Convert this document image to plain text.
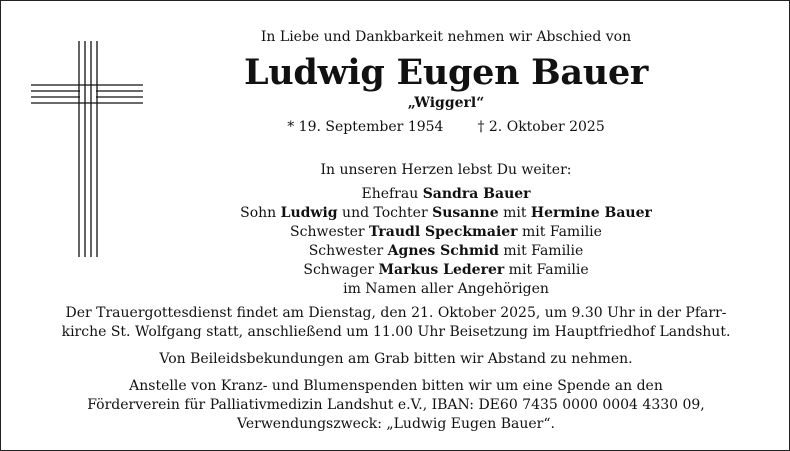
In Liebe und Dankbarkeit nehmen wir Abschied von
Ludwig Eugen Bauer
„Wiggerl“
* 19. September 1954 † 2. Oktober 2025
In unseren Herzen lebst Du weiter:
Ehefrau Sandra Bauer
Sohn Ludwig und Tochter Susanne mit Hermine Bauer
Schwester Traudl Speckmaier mit Familie
Schwester Agnes Schmid mit Familie
Schwager Markus Lederer mit Familie
im Namen aller Angehörigen

Der Trauergottesdienst findet am Dienstag, den 21. Oktober 2025, um 9.30 Uhr in der Pfarr-
kirche St. Wolfgang statt, anschließend um 11.00 Uhr Beisetzung im Hauptfriedhof Landshut.

Von Beileidsbekundungen am Grab bitten wir Abstand zu nehmen.

Anstelle von Kranz- und Blumenspenden bitten wir um eine Spende an den
Förderverein für Palliativmedizin Landshut e.V., IBAN: DE60 7435 0000 0004 4330 09,
Verwendungszweck: „Ludwig Eugen Bauer“.
